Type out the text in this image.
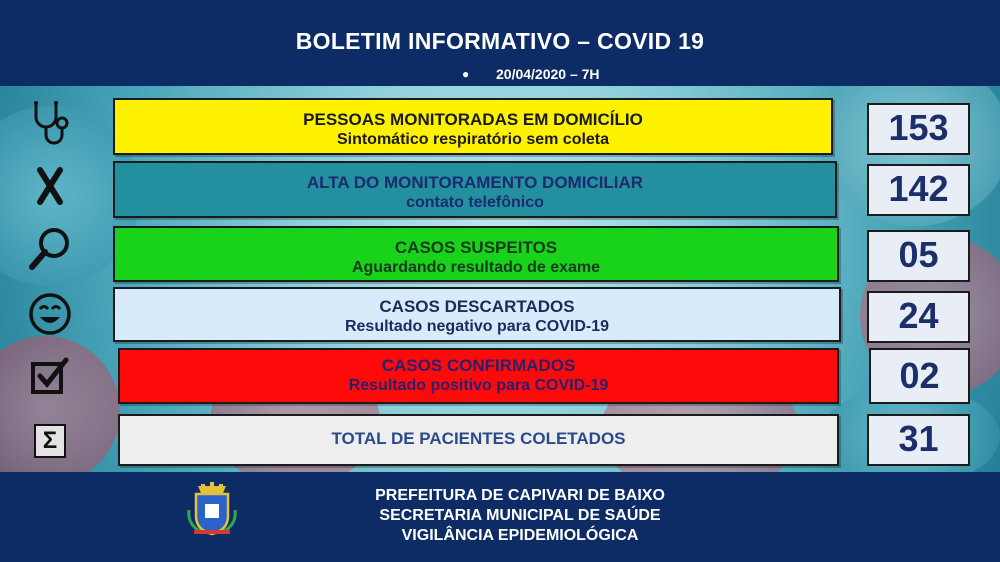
BOLETIM INFORMATIVO – COVID 19
● 20/04/2020 – 7H
Σ
PESSOAS MONITORADAS EM DOMICÍLIO
Sintomático respiratório sem coleta	153
ALTA DO MONITORAMENTO DOMICILIAR
contato telefônico	142
CASOS SUSPEITOS
Aguardando resultado de exame	05
CASOS DESCARTADOS
Resultado negativo para COVID-19	24
CASOS CONFIRMADOS
Resultado positivo para COVID-19	02
TOTAL DE PACIENTES COLETADOS	31
PREFEITURA DE CAPIVARI DE BAIXO
SECRETARIA MUNICIPAL DE SAÚDE
VIGILÂNCIA EPIDEMIOLÓGICA
